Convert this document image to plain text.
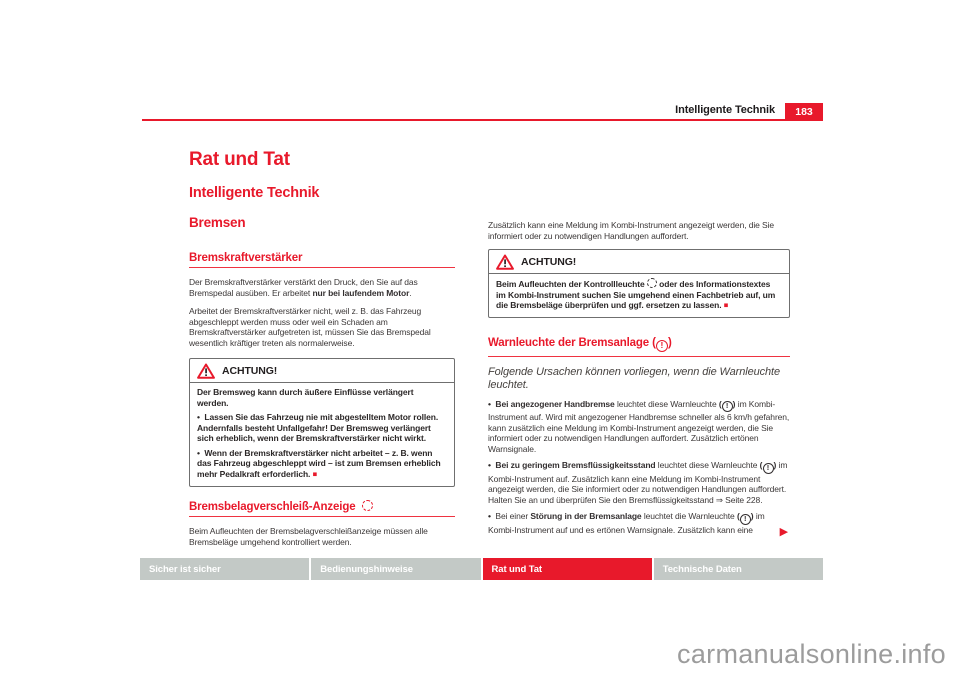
Intelligente Technik	183
Rat und Tat
Intelligente Technik
Bremsen
Bremskraftverstärker

Der Bremskraftverstärker verstärkt den Druck, den Sie auf das Bremspedal ausüben. Er arbeitet nur bei laufendem Motor.

Arbeitet der Bremskraftverstärker nicht, weil z. B. das Fahrzeug abgeschleppt werden muss oder weil ein Schaden am Bremskraftverstärker aufgetreten ist, müssen Sie das Bremspedal wesentlich kräftiger treten als normalerweise.

ACHTUNG!

Der Bremsweg kann durch äußere Einflüsse verlängert werden.

•  Lassen Sie das Fahrzeug nie mit abgestelltem Motor rollen. Andernfalls besteht Unfallgefahr! Der Bremsweg verlängert sich erheblich, wenn der Bremskraftverstärker nicht wirkt.

•  Wenn der Bremskraftverstärker nicht arbeitet – z. B. wenn das Fahrzeug abgeschleppt wird – ist zum Bremsen erheblich mehr Pedalkraft erforderlich. ■

Bremsbelagverschleiß-Anzeige

Beim Aufleuchten der Bremsbelagverschleißanzeige müssen alle Bremsbeläge umgehend kontrolliert werden.

Zusätzlich kann eine Meldung im Kombi-Instrument angezeigt werden, die Sie informiert oder zu notwendigen Handlungen auffordert.

ACHTUNG!

Beim Aufleuchten der Kontrollleuchte  oder des Informationstextes im Kombi-Instrument suchen Sie umgehend einen Fachbetrieb auf, um die Bremsbeläge überprüfen und ggf. ersetzen zu lassen. ■

Warnleuchte der Bremsanlage ( ! )

Folgende Ursachen können vorliegen, wenn die Warnleuchte leuchtet.

•  Bei angezogener Handbremse leuchtet diese Warnleuchte ( ! ) im Kombi-Instrument auf. Wird mit angezogener Handbremse schneller als 6 km/h gefahren, kann zusätzlich eine Meldung im Kombi-Instrument angezeigt werden, die Sie informiert oder zu notwendigen Handlungen auffordert. Zusätzlich ertönen Warnsignale.

•  Bei zu geringem Bremsflüssigkeitsstand leuchtet diese Warnleuchte ( ! ) im Kombi-Instrument auf. Zusätzlich kann eine Meldung im Kombi-Instrument angezeigt werden, die Sie informiert oder zu notwendigen Handlungen auffordert. Halten Sie an und überprüfen Sie den Bremsflüssigkeitsstand ⇒ Seite 228.

•  Bei einer Störung in der Bremsanlage leuchtet die Warnleuchte ( ! ) im Kombi-Instrument auf und es ertönen Warnsignale. Zusätzlich kann eine	▶
Sicher ist sicher	Bedienungshinweise	Rat und Tat	Technische Daten
carmanualsonline.info
